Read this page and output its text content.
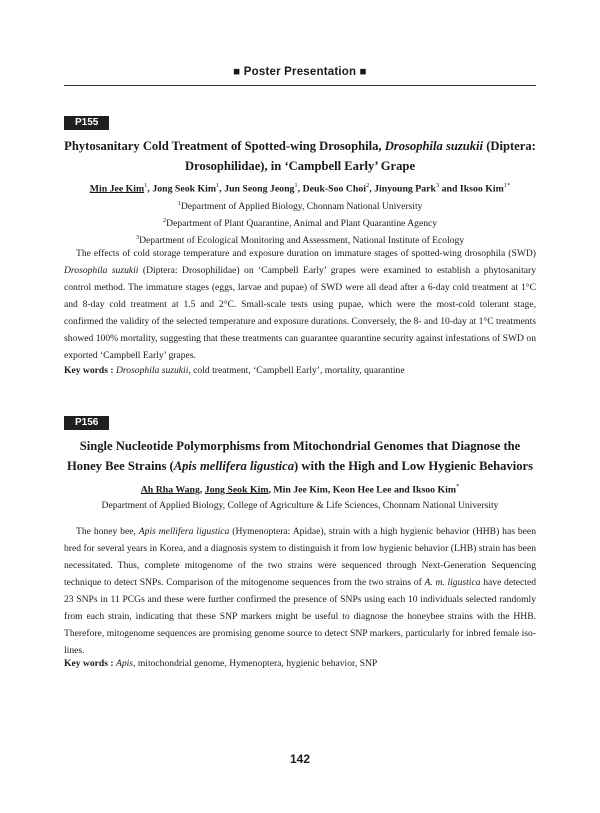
■ Poster Presentation ■
P155
Phytosanitary Cold Treatment of Spotted-wing Drosophila, Drosophila suzukii (Diptera: Drosophilidae), in ‘Campbell Early’ Grape
Min Jee Kim$^1$, Jong Seok Kim$^1$, Jun Seong Jeong$^1$, Deuk-Soo Choi$^2$, Jinyoung Park$^3$ and Iksoo Kim$^{1*}$
$^1$Department of Applied Biology, Chonnam National University
$^2$Department of Plant Quarantine, Animal and Plant Quarantine Agency
$^3$Department of Ecological Monitoring and Assessment, National Institute of Ecology

The effects of cold storage temperature and exposure duration on immature stages of spotted-wing drosophila (SWD) Drosophila suzukii (Diptera: Drosophilidae) on ‘Campbell Early’ grapes were examined to establish a phytosanitary control method. The immature stages (eggs, larvae and pupae) of SWD were all dead after a 6-day cold treatment at 1°C and 8-day cold treatment at 1.5 and 2°C. Small-scale tests using pupae, which were the most-cold tolerant stage, confirmed the validity of the selected temperature and exposure durations. Conversely, the 8- and 10-day at 1°C treatments showed 100% mortality, suggesting that these treatments can guarantee quarantine security against infestations of SWD on exported ‘Campbell Early’ grapes.

Key words : Drosophila suzukii, cold treatment, ‘Campbell Early’, mortality, quarantine
P156
Single Nucleotide Polymorphisms from Mitochondrial Genomes that Diagnose the Honey Bee Strains (Apis mellifera ligustica) with the High and Low Hygienic Behaviors
Ah Rha Wang, Jong Seok Kim, Min Jee Kim, Keon Hee Lee and Iksoo Kim*
Department of Applied Biology, College of Agriculture & Life Sciences, Chonnam National University

The honey bee, Apis mellifera ligustica (Hymenoptera: Apidae), strain with a high hygienic behavior (HHB) has been bred for several years in Korea, and a diagnosis system to distinguish it from low hygienic behavior (LHB) strain has been necessitated. Thus, complete mitogenome of the two strains were sequenced through Next-Generation Sequencing technique to detect SNPs. Comparison of the mitogenome sequences from the two strains of A. m. ligustica have detected 23 SNPs in 11 PCGs and these were further confirmed the presence of SNPs using each 10 individuals selected randomly from each strain, indicating that these SNP markers might be useful to diagnose the honeybee strains with the HHB. Therefore, mitogenome sequences are promising genome source to detect SNP markers, particularly for inbred female iso-lines.

Key words : Apis, mitochondrial genome, Hymenoptera, hygienic behavior, SNP
142
